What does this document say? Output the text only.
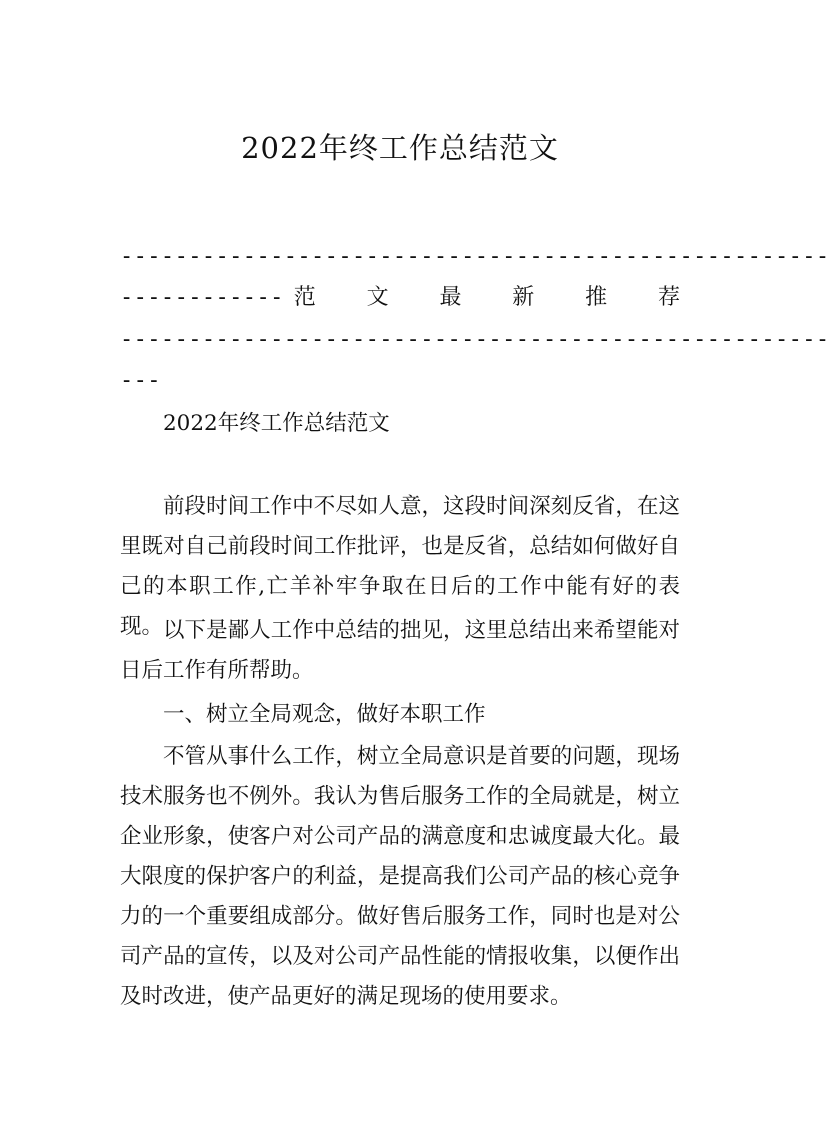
2022年终工作总结范文
----------------------------------------------------
------------ 范 文 最 新 推 荐
----------------------------------------------------
---

2022年终工作总结范文

前段时间工作中不尽如人意，这段时间深刻反省，在这里既对自己前段时间工作批评，也是反省，总结如何做好自己的本职工作,亡羊补牢争取在日后的工作中能有好的表现。 以下是鄙人工作中总结的拙见，这里总结出来希望能对日后工作有所帮助。

一、树立全局观念，做好本职工作

不管从事什么工作，树立全局意识是首要的问题，现场技术服务也不例外。我认为售后服务工作的全局就是，树立企业形象，使客户对公司产品的满意度和忠诚度最大化。最大限度的保护客户的利益，是提高我们公司产品的核心竞争力的一个重要组成部分。做好售后服务工作，同时也是对公司产品的宣传，以及对公司产品性能的情报收集，以便作出及时改进，使产品更好的满足现场的使用要求。
